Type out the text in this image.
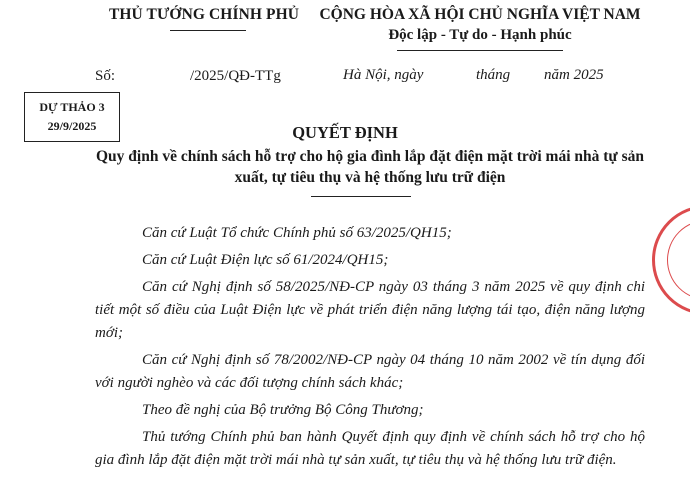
THỦ TƯỚNG CHÍNH PHỦ	CỘNG HÒA XÃ HỘI CHỦ NGHĨA VIỆT NAM
Độc lập - Tự do - Hạnh phúc
Số:	/2025/QĐ-TTg	Hà Nội, ngày	tháng năm 2025
DỰ THẢO 3
29/9/2025	QUYẾT ĐỊNH
Quy định về chính sách hỗ trợ cho hộ gia đình lắp đặt điện mặt trời mái nhà tự sản xuất, tự tiêu thụ và hệ thống lưu trữ điện

Căn cứ Luật Tổ chức Chính phủ số 63/2025/QH15;

Căn cứ Luật Điện lực số 61/2024/QH15;

Căn cứ Nghị định số 58/2025/NĐ-CP ngày 03 tháng 3 năm 2025 về quy định chi tiết một số điều của Luật Điện lực về phát triển điện năng lượng tái tạo, điện năng lượng mới;

Căn cứ Nghị định số 78/2002/NĐ-CP ngày 04 tháng 10 năm 2002 về tín dụng đối với người nghèo và các đối tượng chính sách khác;

Theo đề nghị của Bộ trưởng Bộ Công Thương;

Thủ tướng Chính phủ ban hành Quyết định quy định về chính sách hỗ trợ cho hộ gia đình lắp đặt điện mặt trời mái nhà tự sản xuất, tự tiêu thụ và hệ thống lưu trữ điện.
